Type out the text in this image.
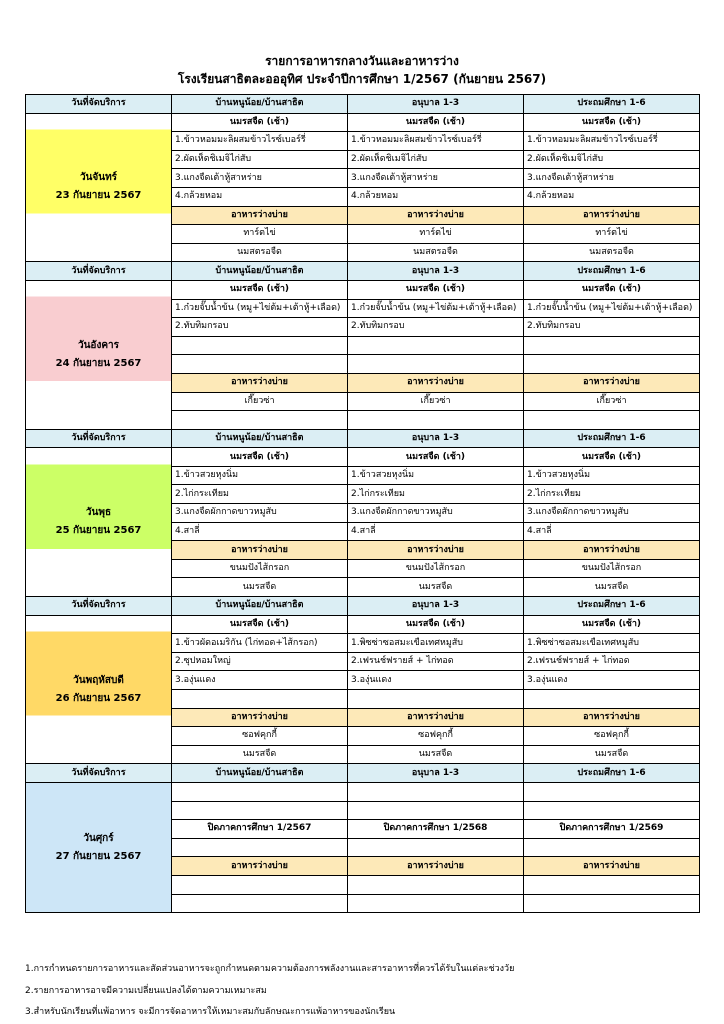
รายการอาหารกลางวันและอาหารว่าง
โรงเรียนสาธิตละอออุทิศ ประจำปีการศึกษา 1/2567 (กันยายน 2567)
วันที่จัดบริการ	บ้านหนูน้อย/บ้านสาธิต	อนุบาล 1-3	ประถมศึกษา 1-6

วันจันทร์
23 กันยายน 2567	นมรสจืด (เช้า)	นมรสจืด (เช้า)	นมรสจืด (เช้า)
	1.ข้าวหอมมะลิผสมข้าวไรซ์เบอร์รี่	1.ข้าวหอมมะลิผสมข้าวไรซ์เบอร์รี่	1.ข้าวหอมมะลิผสมข้าวไรซ์เบอร์รี่
	2.ผัดเห็ดชิเมจิไก่สับ	2.ผัดเห็ดชิเมจิไก่สับ	2.ผัดเห็ดชิเมจิไก่สับ
	3.แกงจืดเต้าหู้สาหร่าย	3.แกงจืดเต้าหู้สาหร่าย	3.แกงจืดเต้าหู้สาหร่าย
	4.กล้วยหอม	4.กล้วยหอม	4.กล้วยหอม
	อาหารว่างบ่าย	อาหารว่างบ่าย	อาหารว่างบ่าย
	ทาร์ตไข่	ทาร์ตไข่	ทาร์ตไข่
	นมสตรอจืด	นมสตรอจืด	นมสตรอจืด
วันที่จัดบริการ	บ้านหนูน้อย/บ้านสาธิต	อนุบาล 1-3	ประถมศึกษา 1-6

วันอังคาร
24 กันยายน 2567	นมรสจืด (เช้า)	นมรสจืด (เช้า)	นมรสจืด (เช้า)
	1.ก๋วยจั๊บน้ำข้น (หมู+ไข่ต้ม+เต้าหู้+เลือด)	1.ก๋วยจั๊บน้ำข้น (หมู+ไข่ต้ม+เต้าหู้+เลือด)	1.ก๋วยจั๊บน้ำข้น (หมู+ไข่ต้ม+เต้าหู้+เลือด)
	2.ทับทิมกรอบ	2.ทับทิมกรอบ	2.ทับทิมกรอบ

	อาหารว่างบ่าย	อาหารว่างบ่าย	อาหารว่างบ่าย
	เกี๊ยวซ่า	เกี๊ยวซ่า	เกี๊ยวซ่า

วันที่จัดบริการ	บ้านหนูน้อย/บ้านสาธิต	อนุบาล 1-3	ประถมศึกษา 1-6

วันพุธ
25 กันยายน 2567	นมรสจืด (เช้า)	นมรสจืด (เช้า)	นมรสจืด (เช้า)
	1.ข้าวสวยหุงนิ่ม	1.ข้าวสวยหุงนิ่ม	1.ข้าวสวยหุงนิ่ม
	2.ไก่กระเทียม	2.ไก่กระเทียม	2.ไก่กระเทียม
	3.แกงจืดผักกาดขาวหมูสับ	3.แกงจืดผักกาดขาวหมูสับ	3.แกงจืดผักกาดขาวหมูสับ
	4.สาลี่	4.สาลี่	4.สาลี่
	อาหารว่างบ่าย	อาหารว่างบ่าย	อาหารว่างบ่าย
	ขนมปังไส้กรอก	ขนมปังไส้กรอก	ขนมปังไส้กรอก
	นมรสจืด	นมรสจืด	นมรสจืด
วันที่จัดบริการ	บ้านหนูน้อย/บ้านสาธิต	อนุบาล 1-3	ประถมศึกษา 1-6

วันพฤหัสบดี
26 กันยายน 2567	นมรสจืด (เช้า)	นมรสจืด (เช้า)	นมรสจืด (เช้า)
	1.ข้าวผัดอเมริกัน (ไก่ทอด+ไส้กรอก)	1.พิซซ่าซอสมะเขือเทศหมูสับ	1.พิซซ่าซอสมะเขือเทศหมูสับ
	2.ซุปหอมใหญ่	2.เฟรนช์ฟรายส์ + ไก่ทอด	2.เฟรนช์ฟรายส์ + ไก่ทอด
	3.องุ่นแดง	3.องุ่นแดง	3.องุ่นแดง

	อาหารว่างบ่าย	อาหารว่างบ่าย	อาหารว่างบ่าย
	ซอฟคุกกี้	ซอฟคุกกี้	ซอฟคุกกี้
	นมรสจืด	นมรสจืด	นมรสจืด
วันที่จัดบริการ	บ้านหนูน้อย/บ้านสาธิต	อนุบาล 1-3	ประถมศึกษา 1-6

วันศุกร์
27 กันยายน 2567			

	ปิดภาคการศึกษา 1/2567	ปิดภาคการศึกษา 1/2568	ปิดภาคการศึกษา 1/2569

	อาหารว่างบ่าย	อาหารว่างบ่าย	อาหารว่างบ่าย

1.การกำหนดรายการอาหารและสัดส่วนอาหารจะถูกกำหนดตามความต้องการพลังงานและสารอาหารที่ควรได้รับในแต่ละช่วงวัย
2.รายการอาหารอาจมีความเปลี่ยนแปลงได้ตามความเหมาะสม
3.สำหรับนักเรียนที่แพ้อาหาร จะมีการจัดอาหารให้เหมาะสมกับลักษณะการแพ้อาหารของนักเรียน
